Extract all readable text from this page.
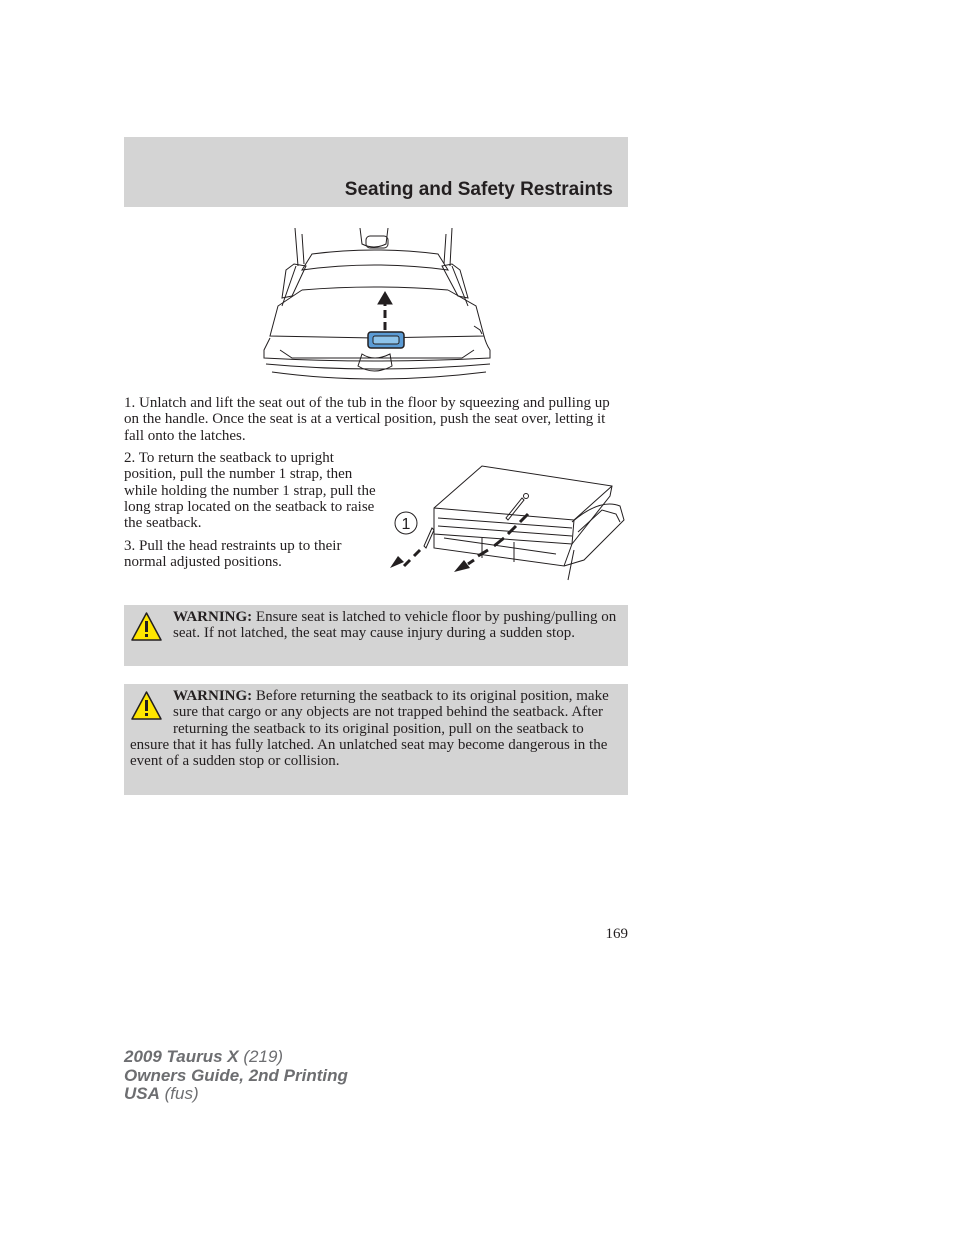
Seating and Safety Restraints

1. Unlatch and lift the seat out of the tub in the floor by squeezing and pulling up on the handle. Once the seat is at a vertical position, push the seat over, letting it fall onto the latches.

2. To return the seatback to upright position, pull the number 1 strap, then while holding the number 1 strap, pull the long strap located on the seatback to raise the seatback.

3. Pull the head restraints up to their normal adjusted positions.

1

WARNING: Ensure seat is latched to vehicle floor by pushing/pulling on seat. If not latched, the seat may cause injury during a sudden stop.

WARNING: Before returning the seatback to its original position, make sure that cargo or any objects are not trapped behind the seatback. After returning the seatback to its original position, pull on the seatback to ensure that it has fully latched. An unlatched seat may become dangerous in the event of a sudden stop or collision.

169
2009 Taurus X (219)
Owners Guide, 2nd Printing
USA (fus)
